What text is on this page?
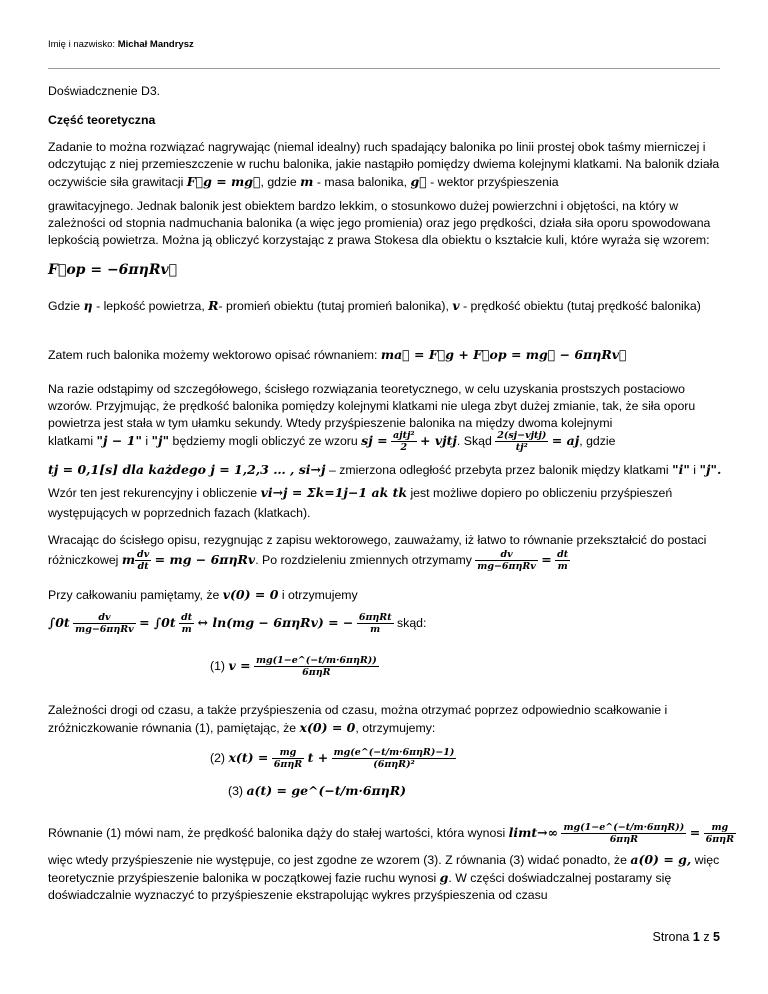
Imię i nazwisko: Michał Mandrysz
Doświadcznenie D3.
Część teoretyczna
Zadanie to można rozwiązać nagrywając (niemal idealny) ruch spadający balonika po linii prostej obok taśmy mierniczej i odczytując z niej przemieszczenie w ruchu balonika, jakie nastąpiło pomiędzy dwiema kolejnymi klatkami. Na balonik działa oczywiście siła grawitacji F⃗g = mg⃗, gdzie m - masa balonika, g⃗ - wektor przyśpieszenia
grawitacyjnego. Jednak balonik jest obiektem bardzo lekkim, o stosunkowo dużej powierzchni i objętości, na który w zależności od stopnia nadmuchania balonika (a więc jego promienia) oraz jego prędkości, działa siła oporu spowodowana lepkością powietrza. Można ją obliczyć korzystając z prawa Stokesa dla obiektu o kształcie kuli, które wyraża się wzorem:
F⃗op = −6πηRv⃗
Gdzie η - lepkość powietrza, R- promień obiektu (tutaj promień balonika), v - prędkość obiektu (tutaj prędkość balonika)
Zatem ruch balonika możemy wektorowo opisać równaniem: ma⃗ = F⃗g + F⃗op = mg⃗ − 6πηRv⃗
Na razie odstąpimy od szczegółowego, ścisłego rozwiązania teoretycznego, w celu uzyskania prostszych postaciowo wzorów. Przyjmując, że prędkość balonika pomiędzy kolejnymi klatkami nie ulega zbyt dużej zmianie, tak, że siła oporu powietrza jest stała w tym ułamku sekundy. Wtedy przyśpieszenie balonika na między dwoma kolejnymi
klatkami "j − 1" i "j" będziemy mogli obliczyć ze wzoru sj = $\frac{\text{ajtj²}}{2}$ + vjtj. Skąd $\frac{\text{2(sj−vjtj)}}{\text{tj²}}$ = aj, gdzie
tj = 0,1[s] dla każdego j = 1,2,3 … , si→j – zmierzona odległość przebyta przez balonik między klatkami "i" i "j".
Wzór ten jest rekurencyjny i obliczenie vi→j = Σk=1j−1 ak tk jest możliwe dopiero po obliczeniu przyśpieszeń
występujących w poprzednich fazach (klatkach).
Wracając do ścisłego opisu, rezygnując z zapisu wektorowego, zauważamy, iż łatwo to równanie przekształcić do postaci różniczkowej m $\frac{dv}{dt}$ = mg − 6πηRv. Po rozdzieleniu zmiennych otrzymamy $\frac{dv}{\text{mg−6πηRv}} = \frac{dt}{m}$
Przy całkowaniu pamiętamy, że v(0) = 0 i otrzymujemy
$\int 0t \frac{dv}{\text{mg−6πηRv}} = \int 0t \frac{dt}{m}$ ↔ ln(mg − 6πηRv) = − $\frac{\text{6πηRt}}{m}$ skąd:
(1) $v = \frac{\text{mg(1−e\textasciicircum{}(−t/m·6πηR))}}{\text{6πηR}}$
Zależności drogi od czasu, a także przyśpieszenia od czasu, można otrzymać poprzez odpowiednio scałkowanie i zróżniczkowanie równania (1), pamiętając, że x(0) = 0, otrzymujemy:
(2) $x(t) = \frac{mg}{\text{6πηR}}$ $t + \frac{\text{mg(e\textasciicircum{}(−t/m·6πηR)−1)}}{\text{(6πηR)²}}$
(3) a(t) = ge^(−t/m·6πηR)
Równanie (1) mówi nam, że prędkość balonika dąży do stałej wartości, która wynosi $\lim t\to\infty \frac{\text{mg(1−e\textasciicircum{}(−t/m·6πηR))}}{\text{6πηR}} = \frac{mg}{\text{6πηR}}$
więc wtedy przyśpieszenie nie występuje, co jest zgodne ze wzorem (3). Z równania (3) widać ponadto, że a(0) = g, więc teoretycznie przyśpieszenie balonika w początkowej fazie ruchu wynosi g. W części doświadczalnej postaramy się doświadczalnie wyznaczyć to przyśpieszenie ekstrapolując wykres przyśpieszenia od czasu
Strona 1 z 5
